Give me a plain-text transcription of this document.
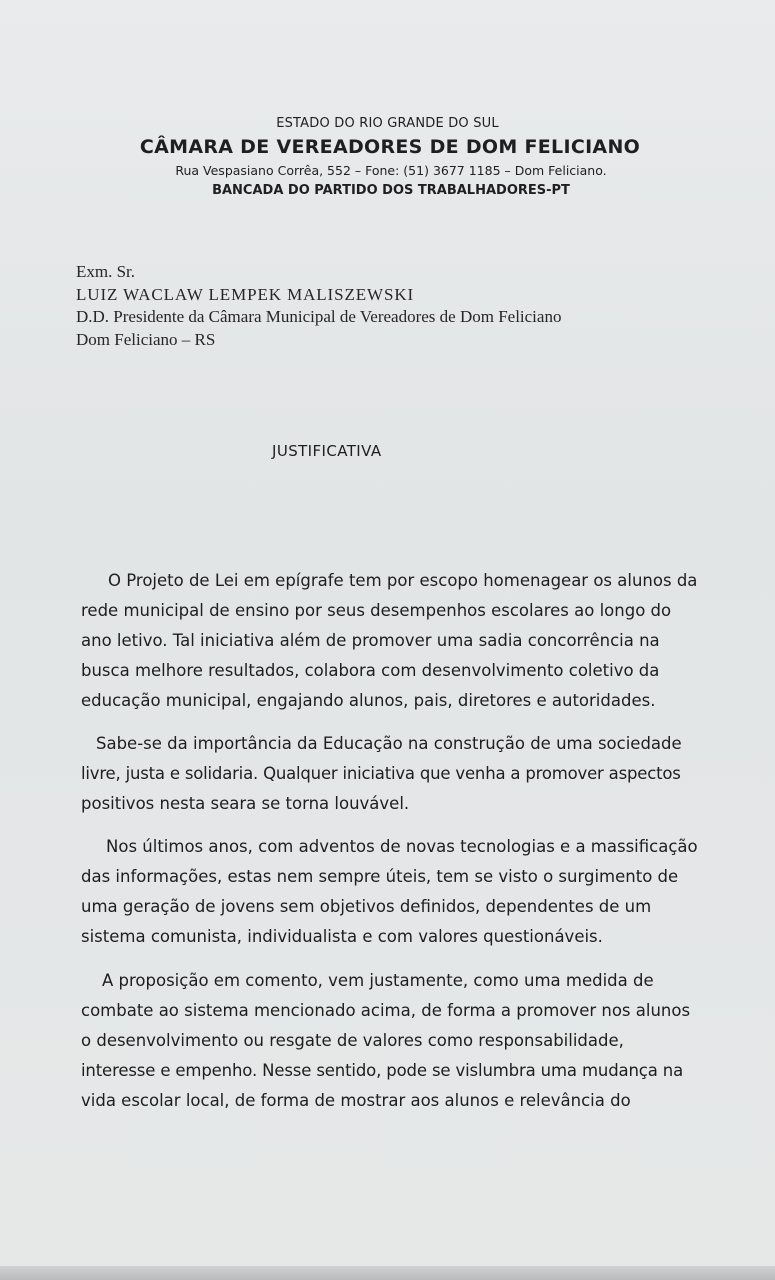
ESTADO DO RIO GRANDE DO SUL
CÂMARA DE VEREADORES DE DOM FELICIANO
Rua Vespasiano Corrêa, 552 – Fone: (51) 3677 1185 – Dom Feliciano.
BANCADA DO PARTIDO DOS TRABALHADORES-PT
Exm. Sr.
LUIZ WACLAW LEMPEK MALISZEWSKI
D.D. Presidente da Câmara Municipal de Vereadores de Dom Feliciano
Dom Feliciano – RS
JUSTIFICATIVA
O Projeto de Lei em epígrafe tem por escopo homenagear os alunos da
rede municipal de ensino por seus desempenhos escolares ao longo do
ano letivo. Tal iniciativa além de promover uma sadia concorrência na
busca melhore resultados, colabora com desenvolvimento coletivo da
educação municipal, engajando alunos, pais, diretores e autoridades.
Sabe-se da importância da Educação na construção de uma sociedade
livre, justa e solidaria. Qualquer iniciativa que venha a promover aspectos
positivos nesta seara se torna louvável.
Nos últimos anos, com adventos de novas tecnologias e a massificação
das informações, estas nem sempre úteis, tem se visto o surgimento de
uma geração de jovens sem objetivos definidos, dependentes de um
sistema comunista, individualista e com valores questionáveis.
A proposição em comento, vem justamente, como uma medida de
combate ao sistema mencionado acima, de forma a promover nos alunos
o desenvolvimento ou resgate de valores como responsabilidade,
interesse e empenho. Nesse sentido, pode se vislumbra uma mudança na
vida escolar local, de forma de mostrar aos alunos e relevância do
